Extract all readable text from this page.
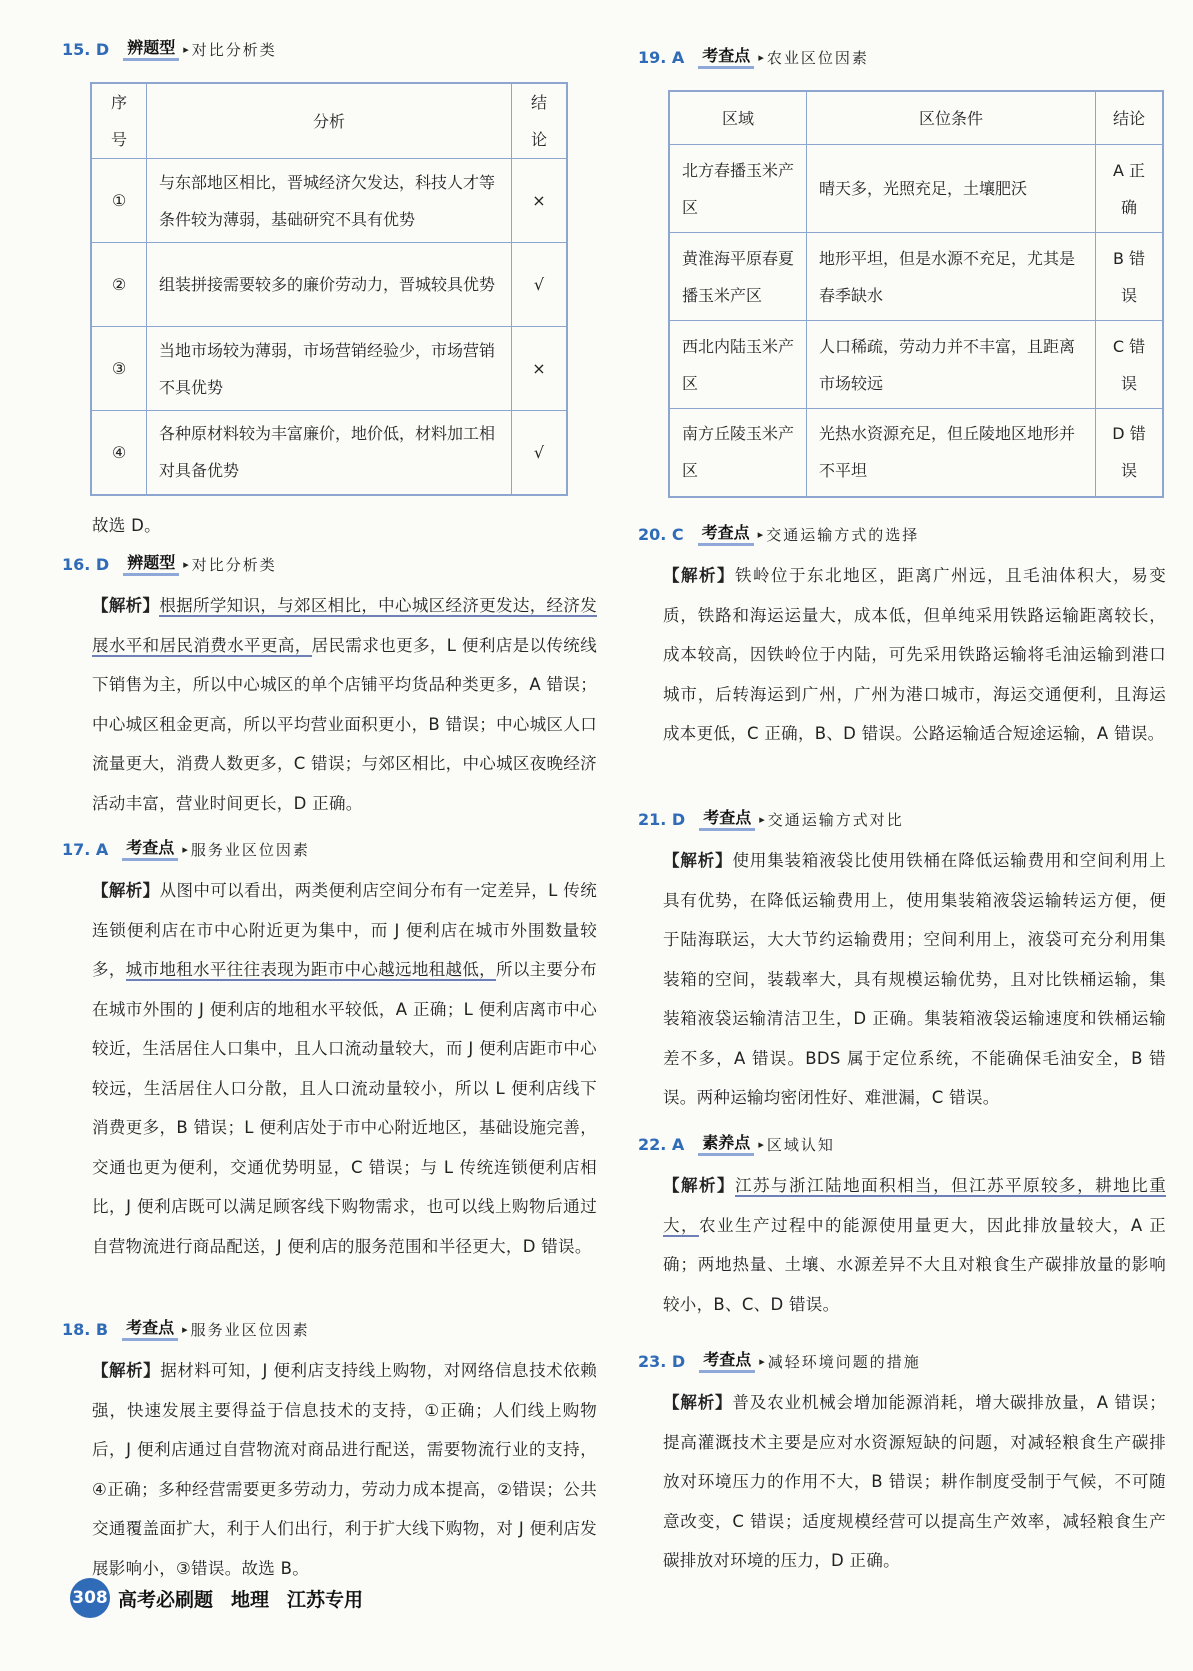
15. D 辨题型 ▸ 对比分析类
序号	分析	结论
①	与东部地区相比，晋城经济欠发达，科技人才等条件较为薄弱，基础研究不具有优势	×
②	组装拼接需要较多的廉价劳动力，晋城较具优势	√
③	当地市场较为薄弱，市场营销经验少，市场营销不具优势	×
④	各种原材料较为丰富廉价，地价低，材料加工相对具备优势	√
故选 D。
16. D 辨题型 ▸ 对比分析类
【解析】根据所学知识，与郊区相比，中心城区经济更发达，经济发展水平和居民消费水平更高，居民需求也更多，L 便利店是以传统线下销售为主，所以中心城区的单个店铺平均货品种类更多，A 错误；中心城区租金更高，所以平均营业面积更小，B 错误；中心城区人口流量更大，消费人数更多，C 错误；与郊区相比，中心城区夜晚经济活动丰富，营业时间更长，D 正确。
17. A 考查点 ▸ 服务业区位因素
【解析】从图中可以看出，两类便利店空间分布有一定差异，L 传统连锁便利店在市中心附近更为集中，而 J 便利店在城市外围数量较多，城市地租水平往往表现为距市中心越远地租越低，所以主要分布在城市外围的 J 便利店的地租水平较低，A 正确；L 便利店离市中心较近，生活居住人口集中，且人口流动量较大，而 J 便利店距市中心较远，生活居住人口分散，且人口流动量较小，所以 L 便利店线下消费更多，B 错误；L 便利店处于市中心附近地区，基础设施完善，交通也更为便利，交通优势明显，C 错误；与 L 传统连锁便利店相比，J 便利店既可以满足顾客线下购物需求，也可以线上购物后通过自营物流进行商品配送，J 便利店的服务范围和半径更大，D 错误。
18. B 考查点 ▸ 服务业区位因素
【解析】据材料可知，J 便利店支持线上购物，对网络信息技术依赖强，快速发展主要得益于信息技术的支持，①正确；人们线上购物后，J 便利店通过自营物流对商品进行配送，需要物流行业的支持，④正确；多种经营需要更多劳动力，劳动力成本提高，②错误；公共交通覆盖面扩大，利于人们出行，利于扩大线下购物，对 J 便利店发展影响小，③错误。故选 B。
19. A 考查点 ▸ 农业区位因素
区域	区位条件	结论
北方春播玉米产区	晴天多，光照充足，土壤肥沃	A 正确
黄淮海平原春夏播玉米产区	地形平坦，但是水源不充足，尤其是春季缺水	B 错误
西北内陆玉米产区	人口稀疏，劳动力并不丰富，且距离市场较远	C 错误
南方丘陵玉米产区	光热水资源充足，但丘陵地区地形并不平坦	D 错误
20. C 考查点 ▸ 交通运输方式的选择
【解析】铁岭位于东北地区，距离广州远，且毛油体积大，易变质，铁路和海运运量大，成本低，但单纯采用铁路运输距离较长，成本较高，因铁岭位于内陆，可先采用铁路运输将毛油运输到港口城市，后转海运到广州，广州为港口城市，海运交通便利，且海运成本更低，C 正确，B、D 错误。公路运输适合短途运输，A 错误。
21. D 考查点 ▸ 交通运输方式对比
【解析】使用集装箱液袋比使用铁桶在降低运输费用和空间利用上具有优势，在降低运输费用上，使用集装箱液袋运输转运方便，便于陆海联运，大大节约运输费用；空间利用上，液袋可充分利用集装箱的空间，装载率大，具有规模运输优势，且对比铁桶运输，集装箱液袋运输清洁卫生，D 正确。集装箱液袋运输速度和铁桶运输差不多，A 错误。BDS 属于定位系统，不能确保毛油安全，B 错误。两种运输均密闭性好、难泄漏，C 错误。
22. A 素养点 ▸ 区域认知
【解析】江苏与浙江陆地面积相当，但江苏平原较多，耕地比重大，农业生产过程中的能源使用量更大，因此排放量较大，A 正确；两地热量、土壤、水源差异不大且对粮食生产碳排放量的影响较小，B、C、D 错误。
23. D 考查点 ▸ 减轻环境问题的措施
【解析】普及农业机械会增加能源消耗，增大碳排放量，A 错误；提高灌溉技术主要是应对水资源短缺的问题，对减轻粮食生产碳排放对环境压力的作用不大，B 错误；耕作制度受制于气候，不可随意改变，C 错误；适度规模经营可以提高生产效率，减轻粮食生产碳排放对环境的压力，D 正确。
308 高考必刷题 地理 江苏专用
